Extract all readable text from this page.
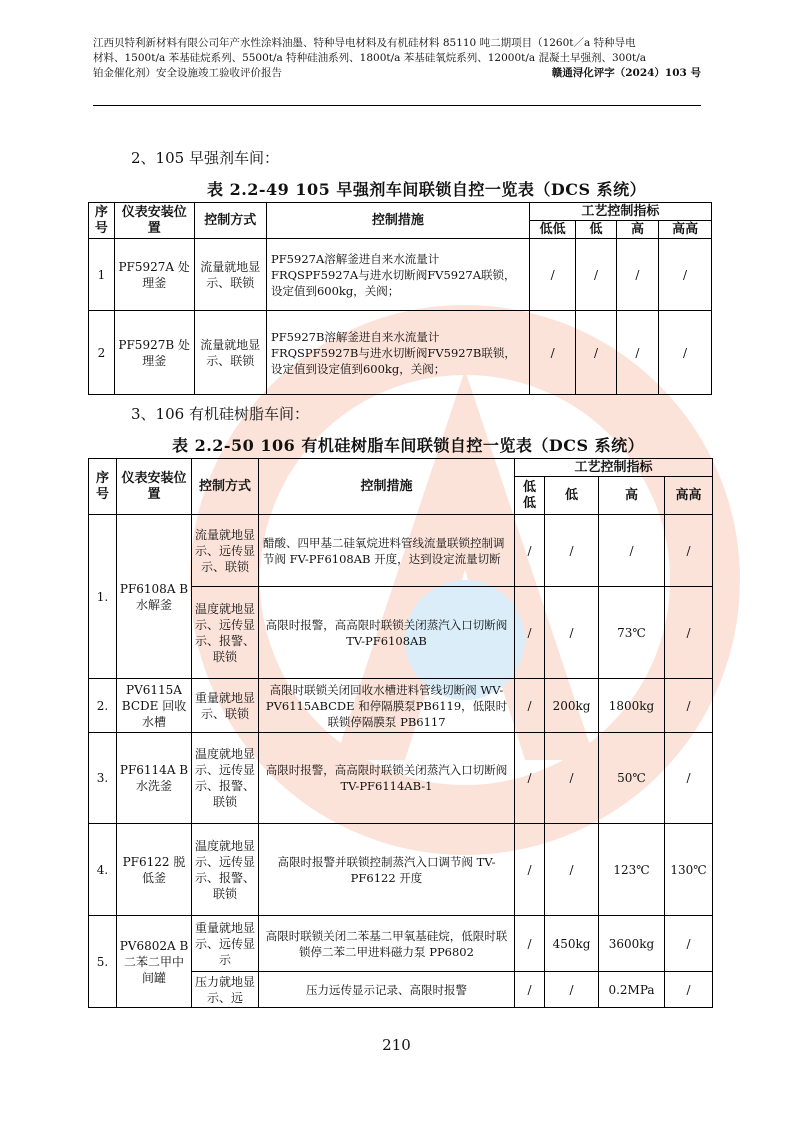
江西贝特利新材料有限公司年产水性涂料油墨、特种导电材料及有机硅材料 85110 吨二期项目（1260t／a 特种导电
材料、1500t/a 苯基硅烷系列、5500t/a 特种硅油系列、1800t/a 苯基硅氧烷系列、12000t/a 混凝土早强剂、300t/a
铂金催化剂）安全设施竣工验收评价报告	赣通浔化评字（2024）103 号
2、105 早强剂车间：
表 2.2-49 105 早强剂车间联锁自控一览表（DCS 系统）
序号	仪表安装位置	控制方式	控制措施	工艺控制指标			
				低低	低	高	高高
1	PF5927A 处理釜	流量就地显示、联锁	PF5927A溶解釜进自来水流量计FRQSPF5927A与进水切断阀FV5927A联锁，设定值到600kg，关阀；	/	/	/	/
2	PF5927B 处理釜	流量就地显示、联锁	PF5927B溶解釜进自来水流量计FRQSPF5927B与进水切断阀FV5927B联锁，设定值到设定值到600kg，关阀；	/	/	/	/
3、106 有机硅树脂车间：
表 2.2-50 106 有机硅树脂车间联锁自控一览表（DCS 系统）
序号	仪表安装位置	控制方式	控制措施	工艺控制指标			
				低低	低	高	高高
1.	PF6108A B 水解釜	流量就地显示、远传显示、联锁	醋酸、四甲基二硅氧烷进料管线流量联锁控制调节阀 FV-PF6108AB 开度，达到设定流量切断	/	/	/	/
		温度就地显示、远传显示、报警、联锁	高限时报警，高高限时联锁关闭蒸汽入口切断阀 TV-PF6108AB	/	/	73℃	/
2.	PV6115A BCDE 回收水槽	重量就地显示、联锁	高限时联锁关闭回收水槽进料管线切断阀 WV-PV6115ABCDE 和停隔膜泵PB6119，低限时联锁停隔膜泵 PB6117	/	200kg	1800kg	/
3.	PF6114A B 水洗釜	温度就地显示、远传显示、报警、联锁	高限时报警，高高限时联锁关闭蒸汽入口切断阀 TV-PF6114AB-1	/	/	50℃	/
4.	PF6122 脱低釜	温度就地显示、远传显示、报警、联锁	高限时报警并联锁控制蒸汽入口调节阀 TV-PF6122 开度	/	/	123℃	130℃
5.	PV6802A B 二苯二甲中间罐	重量就地显示、远传显示	高限时联锁关闭二苯基二甲氧基硅烷，低限时联锁停二苯二甲进料磁力泵 PP6802	/	450kg	3600kg	/
		压力就地显示、远	压力远传显示记录、高限时报警	/	/	0.2MPa	/
210
